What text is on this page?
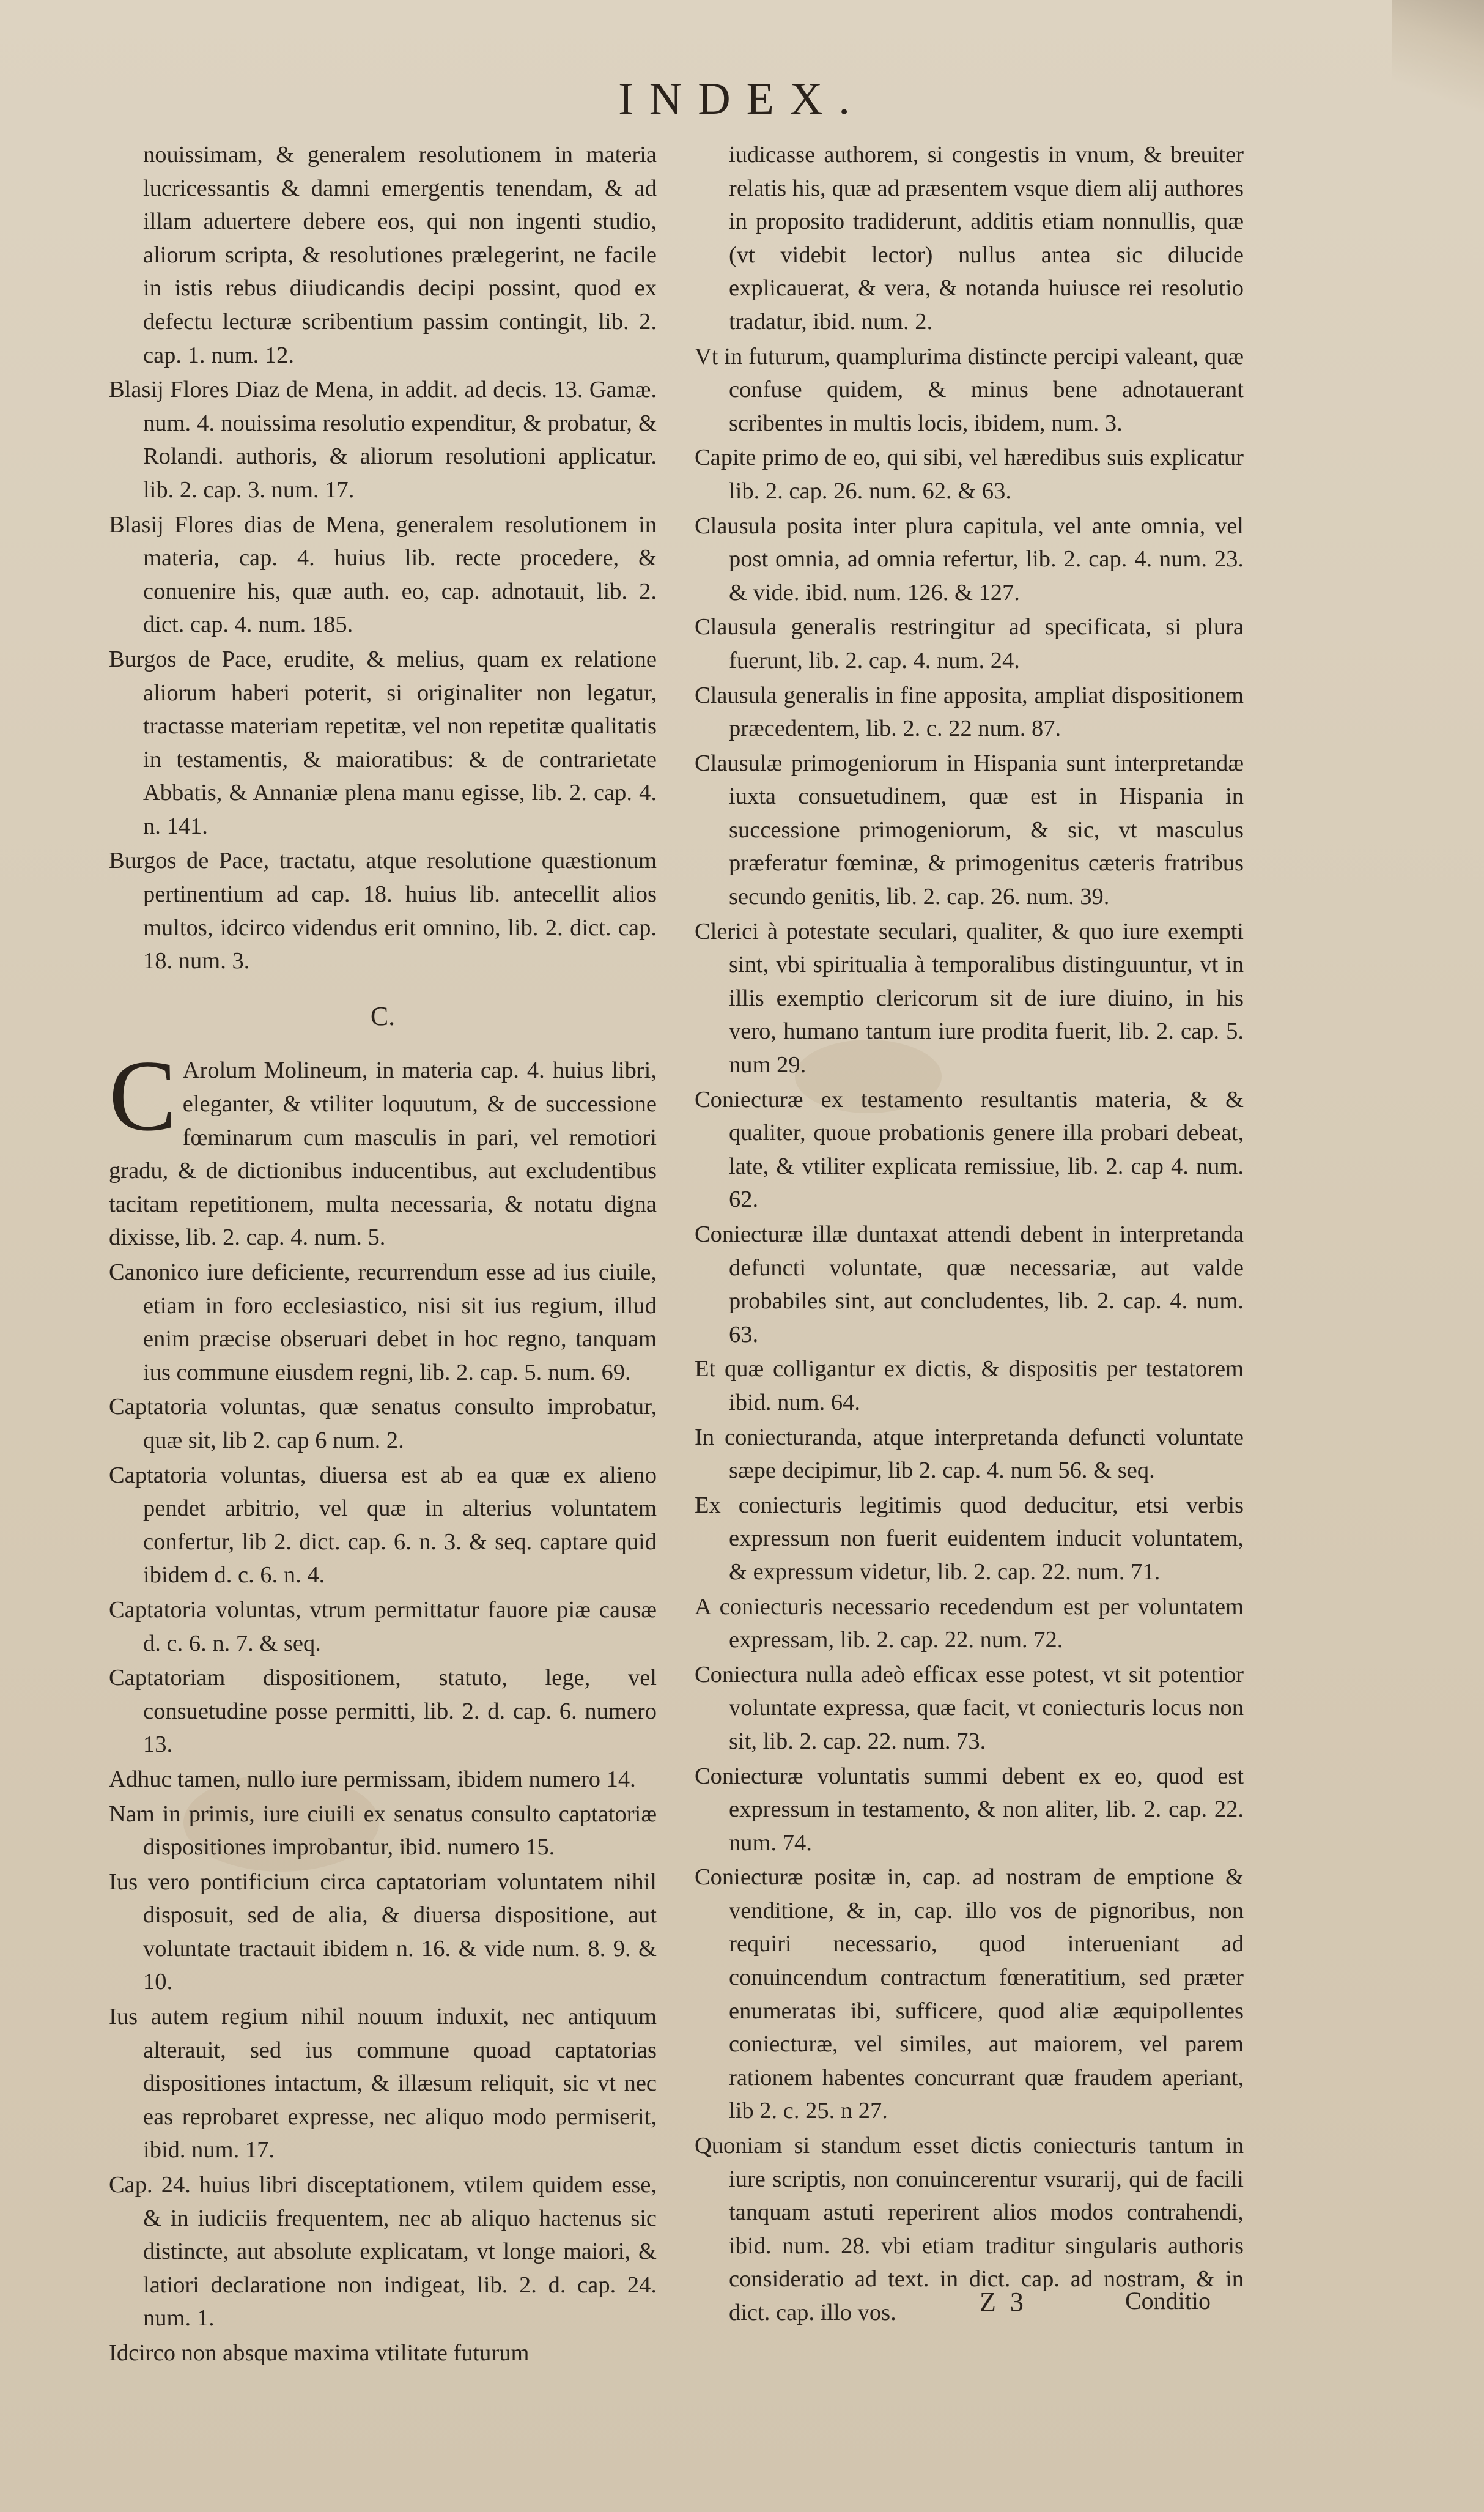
INDEX.
nouissimam, & generalem resolutionem in materia lucricessantis & damni emergentis tenendam, & ad illam aduertere debere eos, qui non ingenti studio, aliorum scripta, & resolutiones prælegerint, ne facile in istis rebus diiudicandis decipi possint, quod ex defectu lecturæ scribentium passim contingit, lib. 2. cap. 1. num. 12.
Blasij Flores Diaz de Mena, in addit. ad decis. 13. Gamæ. num. 4. nouissima resolutio expenditur, & probatur, & Rolandi. authoris, & aliorum resolutioni applicatur. lib. 2. cap. 3. num. 17.
Blasij Flores dias de Mena, generalem resolutionem in materia, cap. 4. huius lib. recte procedere, & conuenire his, quæ auth. eo, cap. adnotauit, lib. 2. dict. cap. 4. num. 185.
Burgos de Pace, erudite, & melius, quam ex relatione aliorum haberi poterit, si originaliter non legatur, tractasse materiam repetitæ, vel non repetitæ qualitatis in testamentis, & maioratibus: & de contrarietate Abbatis, & Annaniæ plena manu egisse, lib. 2. cap. 4. n. 141.
Burgos de Pace, tractatu, atque resolutione quæstionum pertinentium ad cap. 18. huius lib. antecellit alios multos, idcirco videndus erit omnino, lib. 2. dict. cap. 18. num. 3.
C.
C Arolum Molineum, in materia cap. 4. huius libri, eleganter, & vtiliter loquutum, & de successione fœminarum cum masculis in pari, vel remotiori gradu, & de dictionibus inducentibus, aut excludentibus tacitam repetitionem, multa necessaria, & notatu digna dixisse, lib. 2. cap. 4. num. 5.
Canonico iure deficiente, recurrendum esse ad ius ciuile, etiam in foro ecclesiastico, nisi sit ius regium, illud enim præcise obseruari debet in hoc regno, tanquam ius commune eiusdem regni, lib. 2. cap. 5. num. 69.
Captatoria voluntas, quæ senatus consulto improbatur, quæ sit, lib 2. cap 6 num. 2.
Captatoria voluntas, diuersa est ab ea quæ ex alieno pendet arbitrio, vel quæ in alterius voluntatem confertur, lib 2. dict. cap. 6. n. 3. & seq. captare quid ibidem d. c. 6. n. 4.
Captatoria voluntas, vtrum permittatur fauore piæ causæ d. c. 6. n. 7. & seq.
Captatoriam dispositionem, statuto, lege, vel consuetudine posse permitti, lib. 2. d. cap. 6. numero 13.
Adhuc tamen, nullo iure permissam, ibidem numero 14.
Nam in primis, iure ciuili ex senatus consulto captatoriæ dispositiones improbantur, ibid. numero 15.
Ius vero pontificium circa captatoriam voluntatem nihil disposuit, sed de alia, & diuersa dispositione, aut voluntate tractauit ibidem n. 16. & vide num. 8. 9. & 10.
Ius autem regium nihil nouum induxit, nec antiquum alterauit, sed ius commune quoad captatorias dispositiones intactum, & illæsum reliquit, sic vt nec eas reprobaret expresse, nec aliquo modo permiserit, ibid. num. 17.
Cap. 24. huius libri disceptationem, vtilem quidem esse, & in iudiciis frequentem, nec ab aliquo hactenus sic distincte, aut absolute explicatam, vt longe maiori, & latiori declaratione non indigeat, lib. 2. d. cap. 24. num. 1.
Idcirco non absque maxima vtilitate futurum
iudicasse authorem, si congestis in vnum, & breuiter relatis his, quæ ad præsentem vsque diem alij authores in proposito tradiderunt, additis etiam nonnullis, quæ (vt videbit lector) nullus antea sic dilucide explicauerat, & vera, & notanda huiusce rei resolutio tradatur, ibid. num. 2.
Vt in futurum, quamplurima distincte percipi valeant, quæ confuse quidem, & minus bene adnotauerant scribentes in multis locis, ibidem, num. 3.
Capite primo de eo, qui sibi, vel hæredibus suis explicatur lib. 2. cap. 26. num. 62. & 63.
Clausula posita inter plura capitula, vel ante omnia, vel post omnia, ad omnia refertur, lib. 2. cap. 4. num. 23. & vide. ibid. num. 126. & 127.
Clausula generalis restringitur ad specificata, si plura fuerunt, lib. 2. cap. 4. num. 24.
Clausula generalis in fine apposita, ampliat dispositionem præcedentem, lib. 2. c. 22 num. 87.
Clausulæ primogeniorum in Hispania sunt interpretandæ iuxta consuetudinem, quæ est in Hispania in successione primogeniorum, & sic, vt masculus præferatur fœminæ, & primogenitus cæteris fratribus secundo genitis, lib. 2. cap. 26. num. 39.
Clerici à potestate seculari, qualiter, & quo iure exempti sint, vbi spiritualia à temporalibus distinguuntur, vt in illis exemptio clericorum sit de iure diuino, in his vero, humano tantum iure prodita fuerit, lib. 2. cap. 5. num 29.
Coniecturæ ex testamento resultantis materia, & & qualiter, quoue probationis genere illa probari debeat, late, & vtiliter explicata remissiue, lib. 2. cap 4. num. 62.
Coniecturæ illæ duntaxat attendi debent in interpretanda defuncti voluntate, quæ necessariæ, aut valde probabiles sint, aut concludentes, lib. 2. cap. 4. num. 63.
Et quæ colligantur ex dictis, & dispositis per testatorem ibid. num. 64.
In coniecturanda, atque interpretanda defuncti voluntate sæpe decipimur, lib 2. cap. 4. num 56. & seq.
Ex coniecturis legitimis quod deducitur, etsi verbis expressum non fuerit euidentem inducit voluntatem, & expressum videtur, lib. 2. cap. 22. num. 71.
A coniecturis necessario recedendum est per voluntatem expressam, lib. 2. cap. 22. num. 72.
Coniectura nulla adeò efficax esse potest, vt sit potentior voluntate expressa, quæ facit, vt coniecturis locus non sit, lib. 2. cap. 22. num. 73.
Coniecturæ voluntatis summi debent ex eo, quod est expressum in testamento, & non aliter, lib. 2. cap. 22. num. 74.
Coniecturæ positæ in, cap. ad nostram de emptione & venditione, & in, cap. illo vos de pignoribus, non requiri necessario, quod interueniant ad conuincendum contractum fœneratitium, sed præter enumeratas ibi, sufficere, quod aliæ æquipollentes coniecturæ, vel similes, aut maiorem, vel parem rationem habentes concurrant quæ fraudem aperiant, lib 2. c. 25. n 27.
Quoniam si standum esset dictis coniecturis tantum in iure scriptis, non conuincerentur vsurarij, qui de facili tanquam astuti reperirent alios modos contrahendi, ibid. num. 28. vbi etiam traditur singularis authoris consideratio ad text. in dict. cap. ad nostram, & in dict. cap. illo vos.	Z 3	Conditio
